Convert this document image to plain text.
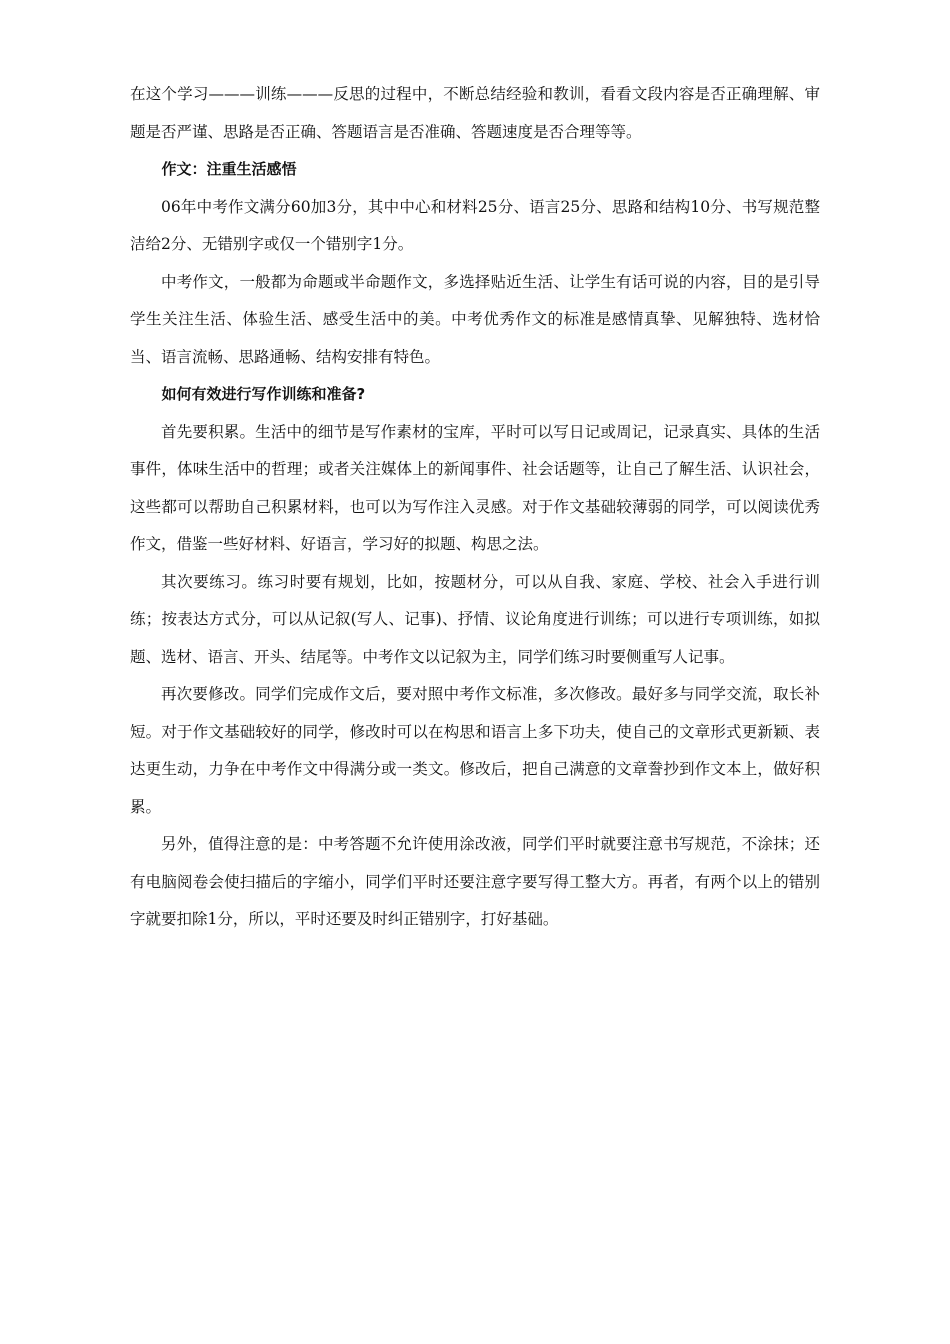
在这个学习———训练———反思的过程中，不断总结经验和教训，看看文段内容是否正确理解、审题是否严谨、思路是否正确、答题语言是否准确、答题速度是否合理等等。

作文：注重生活感悟

06年中考作文满分60加3分，其中中心和材料25分、语言25分、思路和结构10分、书写规范整洁给2分、无错别字或仅一个错别字1分。

中考作文，一般都为命题或半命题作文，多选择贴近生活、让学生有话可说的内容，目的是引导学生关注生活、体验生活、感受生活中的美。中考优秀作文的标准是感情真挚、见解独特、选材恰当、语言流畅、思路通畅、结构安排有特色。

如何有效进行写作训练和准备?

首先要积累。生活中的细节是写作素材的宝库，平时可以写日记或周记，记录真实、具体的生活事件，体味生活中的哲理；或者关注媒体上的新闻事件、社会话题等，让自己了解生活、认识社会，这些都可以帮助自己积累材料，也可以为写作注入灵感。对于作文基础较薄弱的同学，可以阅读优秀作文，借鉴一些好材料、好语言，学习好的拟题、构思之法。

其次要练习。练习时要有规划，比如，按题材分，可以从自我、家庭、学校、社会入手进行训练；按表达方式分，可以从记叙(写人、记事)、抒情、议论角度进行训练；可以进行专项训练，如拟题、选材、语言、开头、结尾等。中考作文以记叙为主，同学们练习时要侧重写人记事。

再次要修改。同学们完成作文后，要对照中考作文标准，多次修改。最好多与同学交流，取长补短。对于作文基础较好的同学，修改时可以在构思和语言上多下功夫，使自己的文章形式更新颖、表达更生动，力争在中考作文中得满分或一类文。修改后，把自己满意的文章誊抄到作文本上，做好积累。

另外，值得注意的是：中考答题不允许使用涂改液，同学们平时就要注意书写规范，不涂抹；还有电脑阅卷会使扫描后的字缩小，同学们平时还要注意字要写得工整大方。再者，有两个以上的错别字就要扣除1分，所以，平时还要及时纠正错别字，打好基础。
